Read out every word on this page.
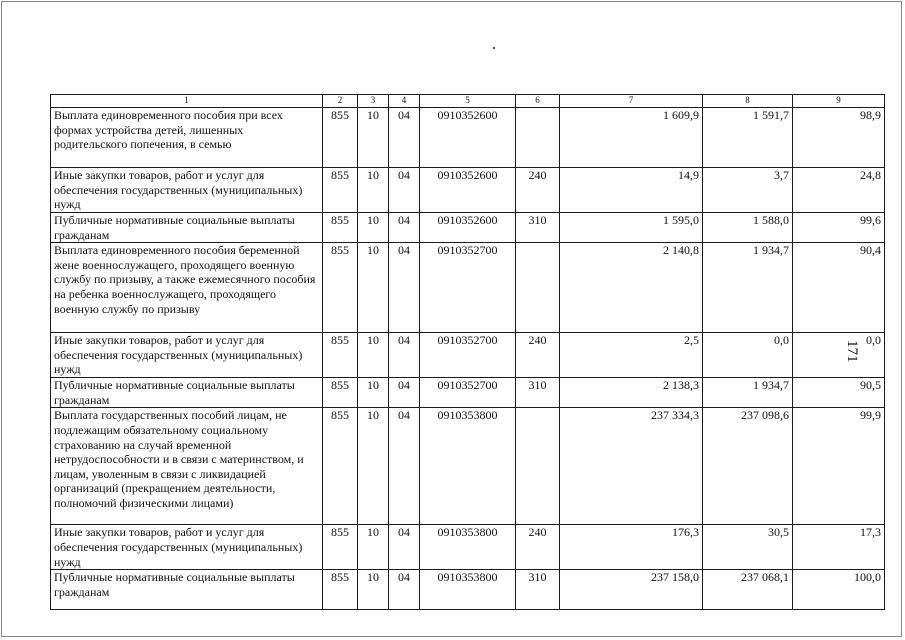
171
1	2	3	4	5	6	7	8	9
Выплата единовременного пособия при всех формах устройства детей, лишенных родительского попечения, в семью	855	10	04	0910352600		1 609,9	1 591,7	98,9
Иные закупки товаров, работ и услуг для обеспечения государственных (муниципальных) нужд	855	10	04	0910352600	240	14,9	3,7	24,8
Публичные нормативные социальные выплаты гражданам	855	10	04	0910352600	310	1 595,0	1 588,0	99,6
Выплата единовременного пособия беременной жене военнослужащего, проходящего военную службу по призыву, а также ежемесячного пособия на ребенка военнослужащего, проходящего военную службу по призыву	855	10	04	0910352700		2 140,8	1 934,7	90,4
Иные закупки товаров, работ и услуг для обеспечения государственных (муниципальных) нужд	855	10	04	0910352700	240	2,5	0,0	0,0
Публичные нормативные социальные выплаты гражданам	855	10	04	0910352700	310	2 138,3	1 934,7	90,5
Выплата государственных пособий лицам, не подлежащим обязательному социальному страхованию на случай временной нетрудоспособности и в связи с материнством, и лицам, уволенным в связи с ликвидацией организаций (прекращением деятельности, полномочий физическими лицами)	855	10	04	0910353800		237 334,3	237 098,6	99,9
Иные закупки товаров, работ и услуг для обеспечения государственных (муниципальных) нужд	855	10	04	0910353800	240	176,3	30,5	17,3
Публичные нормативные социальные выплаты гражданам	855	10	04	0910353800	310	237 158,0	237 068,1	100,0
